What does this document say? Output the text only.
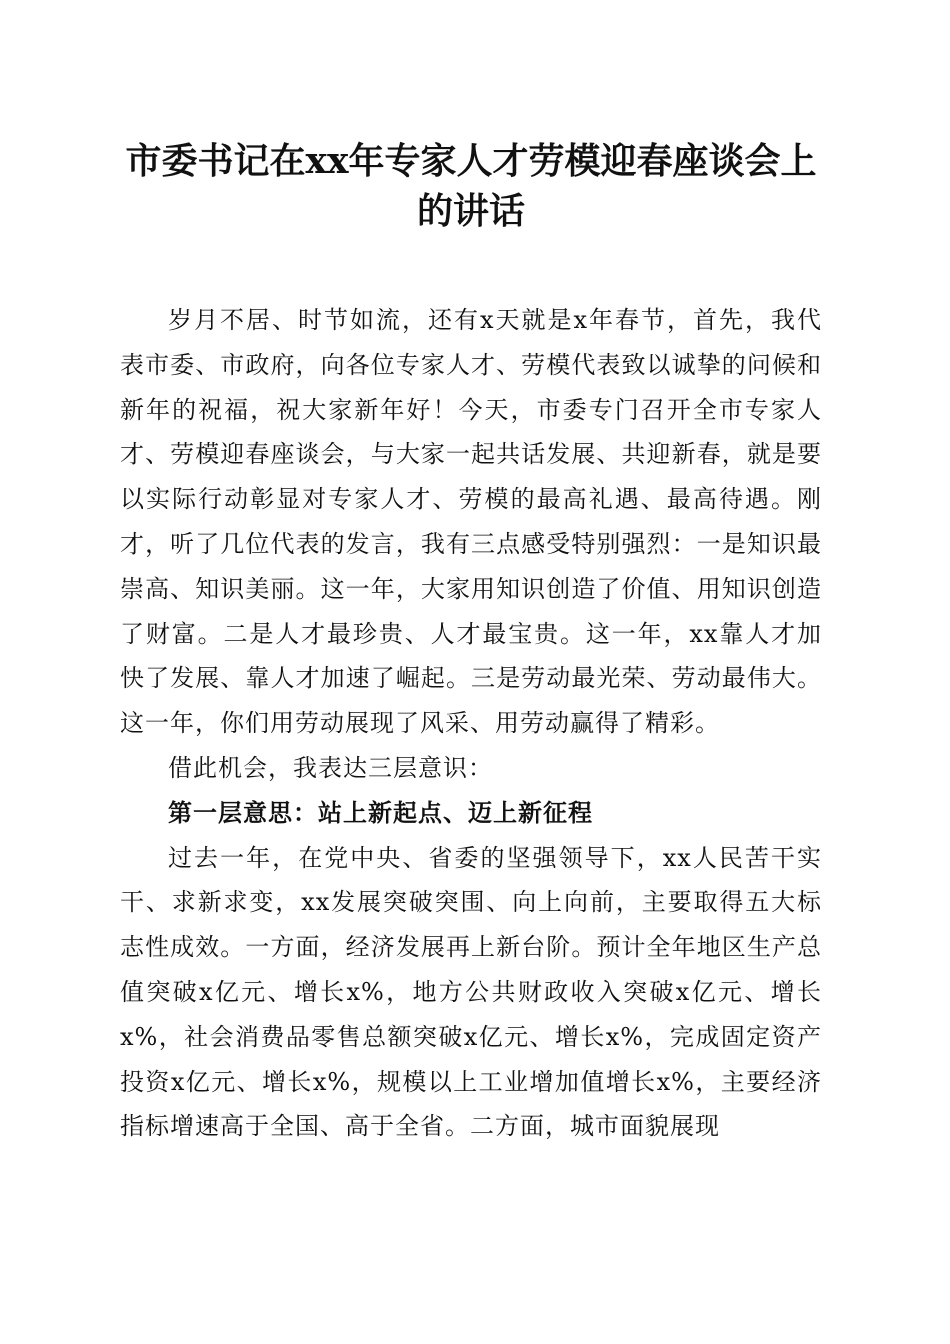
市委书记在xx年专家人才劳模迎春座谈会上
的讲话

岁月不居、时节如流，还有x天就是x年春节，首先，我代表市委、市政府，向各位专家人才、劳模代表致以诚挚的问候和新年的祝福，祝大家新年好！今天，市委专门召开全市专家人才、劳模迎春座谈会，与大家一起共话发展、共迎新春，就是要以实际行动彰显对专家人才、劳模的最高礼遇、最高待遇。刚才，听了几位代表的发言，我有三点感受特别强烈：一是知识最崇高、知识美丽。这一年，大家用知识创造了价值、用知识创造了财富。二是人才最珍贵、人才最宝贵。这一年，xx靠人才加快了发展、靠人才加速了崛起。三是劳动最光荣、劳动最伟大。这一年，你们用劳动展现了风采、用劳动赢得了精彩。

借此机会，我表达三层意识：

第一层意思：站上新起点、迈上新征程

过去一年，在党中央、省委的坚强领导下，xx人民苦干实干、求新求变，xx发展突破突围、向上向前，主要取得五大标志性成效。一方面，经济发展再上新台阶。预计全年地区生产总值突破x亿元、增长x%，地方公共财政收入突破x亿元、增长x%，社会消费品零售总额突破x亿元、增长x%，完成固定资产投资x亿元、增长x%，规模以上工业增加值增长x%，主要经济指标增速高于全国、高于全省。二方面，城市面貌展现
